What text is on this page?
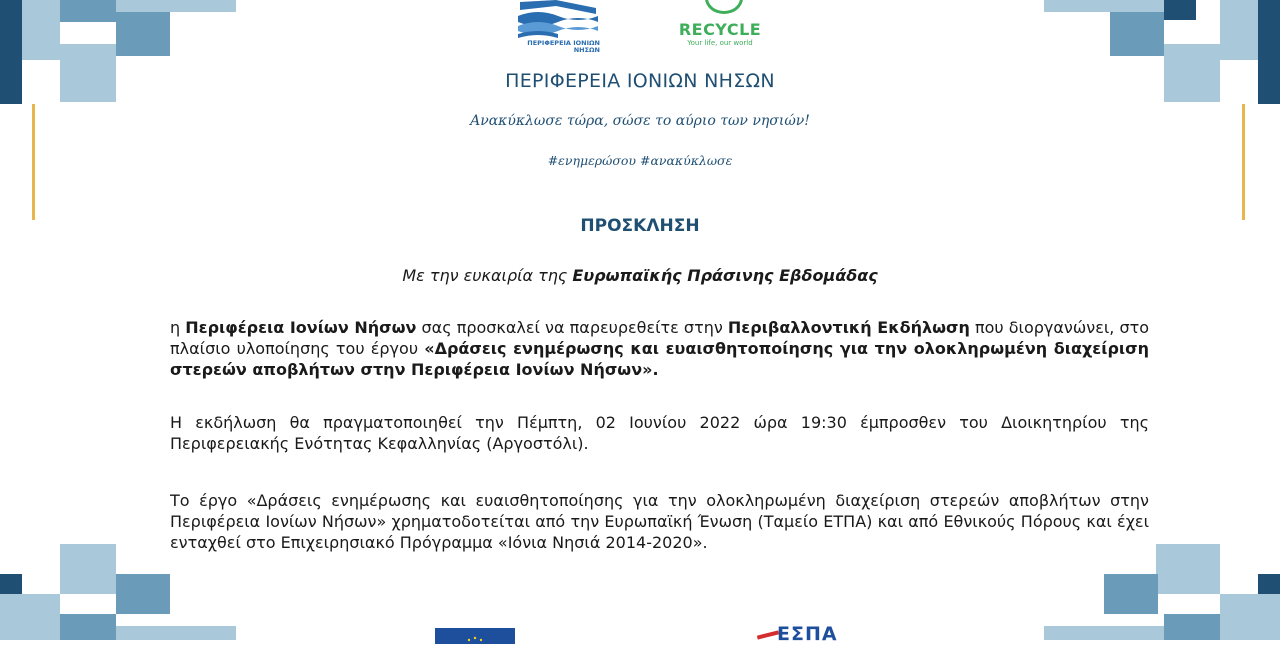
ΠΕΡΙΦΕΡΕΙΑ ΙΟΝΙΩΝ ΝΗΣΩΝ
RECYCLE
Your life, our world
ΠΕΡΙΦΕΡΕΙΑ ΙΟΝΙΩΝ ΝΗΣΩΝ
Ανακύκλωσε τώρα, σώσε το αύριο των νησιών!
#ενημερώσου #ανακύκλωσε
ΠΡΟΣΚΛΗΣΗ
Με την ευκαιρία της Ευρωπαϊκής Πράσινης Εβδομάδας
η Περιφέρεια Ιονίων Νήσων σας προσκαλεί να παρευρεθείτε στην Περιβαλλοντική Εκδήλωση που διοργανώνει, στο πλαίσιο υλοποίησης του έργου «Δράσεις ενημέρωσης και ευαισθητοποίησης για την ολοκληρωμένη διαχείριση στερεών αποβλήτων στην Περιφέρεια Ιονίων Νήσων».
Η εκδήλωση θα πραγματοποιηθεί την Πέμπτη, 02 Ιουνίου 2022 ώρα 19:30 έμπροσθεν του Διοικητηρίου της Περιφερειακής Ενότητας Κεφαλληνίας (Αργοστόλι).
Το έργο «Δράσεις ενημέρωσης και ευαισθητοποίησης για την ολοκληρωμένη διαχείριση στερεών αποβλήτων στην Περιφέρεια Ιονίων Νήσων» χρηματοδοτείται από την Ευρωπαϊκή Ένωση (Ταμείο ΕΤΠΑ) και από Εθνικούς Πόρους και έχει ενταχθεί στο Επιχειρησιακό Πρόγραμμα «Ιόνια Νησιά 2014-2020».
ΕΣΠΑ
